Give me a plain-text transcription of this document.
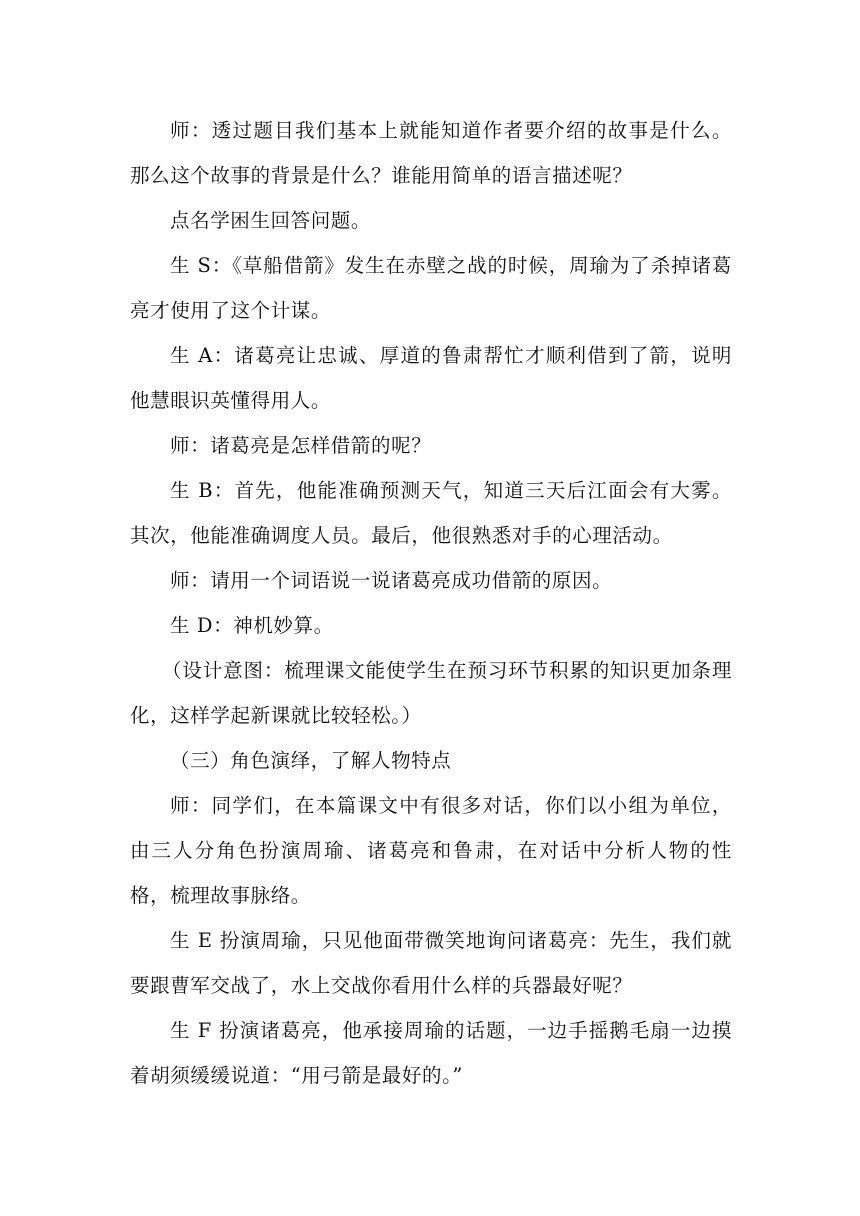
师：透过题目我们基本上就能知道作者要介绍的故事是什么。那么这个故事的背景是什么？谁能用简单的语言描述呢？

点名学困生回答问题。

生 S：《草船借箭》发生在赤壁之战的时候，周瑜为了杀掉诸葛亮才使用了这个计谋。

生 A：诸葛亮让忠诚、厚道的鲁肃帮忙才顺利借到了箭，说明他慧眼识英懂得用人。

师：诸葛亮是怎样借箭的呢？

生 B：首先，他能准确预测天气，知道三天后江面会有大雾。其次，他能准确调度人员。最后，他很熟悉对手的心理活动。

师：请用一个词语说一说诸葛亮成功借箭的原因。

生 D：神机妙算。

（设计意图：梳理课文能使学生在预习环节积累的知识更加条理化，这样学起新课就比较轻松。）

（三）角色演绎，了解人物特点

师：同学们，在本篇课文中有很多对话，你们以小组为单位，由三人分角色扮演周瑜、诸葛亮和鲁肃，在对话中分析人物的性格，梳理故事脉络。

生 E 扮演周瑜，只见他面带微笑地询问诸葛亮：先生，我们就要跟曹军交战了，水上交战你看用什么样的兵器最好呢？

生 F 扮演诸葛亮，他承接周瑜的话题，一边手摇鹅毛扇一边摸着胡须缓缓说道：“用弓箭是最好的。”
